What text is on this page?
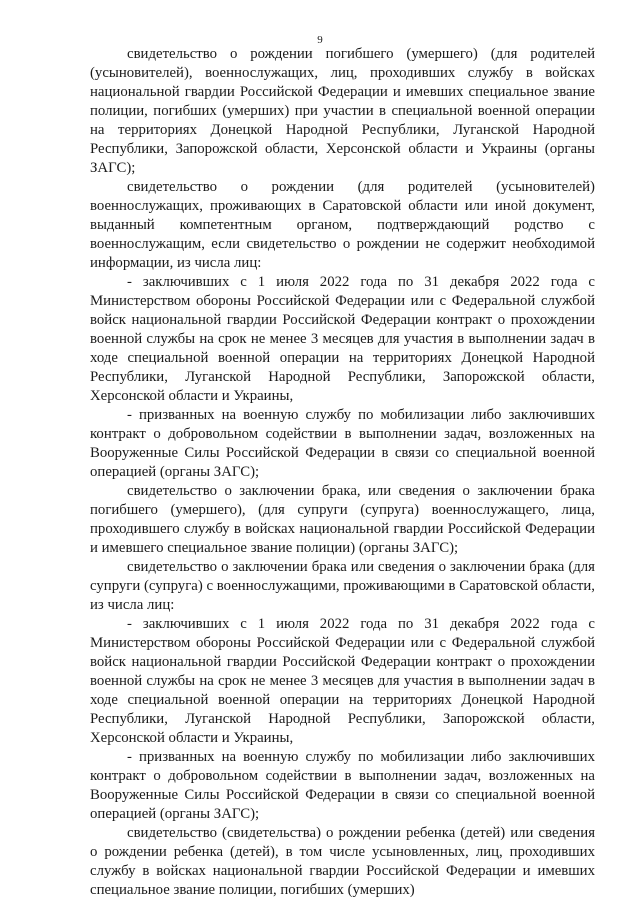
9

свидетельство о рождении погибшего (умершего) (для родителей (усыновителей), военнослужащих, лиц, проходивших службу в войсках национальной гвардии Российской Федерации и имевших специальное звание полиции, погибших (умерших) при участии в специальной военной операции на территориях Донецкой Народной Республики, Луганской Народной Республики, Запорожской области, Херсонской области и Украины (органы ЗАГС);

свидетельство о рождении (для родителей (усыновителей) военнослужащих, проживающих в Саратовской области или иной документ, выданный компетентным органом, подтверждающий родство с военнослужащим, если свидетельство о рождении не содержит необходимой информации, из числа лиц:

- заключивших с 1 июля 2022 года по 31 декабря 2022 года с Министерством обороны Российской Федерации или с Федеральной службой войск национальной гвардии Российской Федерации контракт о прохождении военной службы на срок не менее 3 месяцев для участия в выполнении задач в ходе специальной военной операции на территориях Донецкой Народной Республики, Луганской Народной Республики, Запорожской области, Херсонской области и Украины,

- призванных на военную службу по мобилизации либо заключивших контракт о добровольном содействии в выполнении задач, возложенных на Вооруженные Силы Российской Федерации в связи со специальной военной операцией (органы ЗАГС);

свидетельство о заключении брака, или сведения о заключении брака погибшего (умершего), (для супруги (супруга) военнослужащего, лица, проходившего службу в войсках национальной гвардии Российской Федерации и имевшего специальное звание полиции) (органы ЗАГС);

свидетельство о заключении брака или сведения о заключении брака (для супруги (супруга) с военнослужащими, проживающими в Саратовской области, из числа лиц:

- заключивших с 1 июля 2022 года по 31 декабря 2022 года с Министерством обороны Российской Федерации или с Федеральной службой войск национальной гвардии Российской Федерации контракт о прохождении военной службы на срок не менее 3 месяцев для участия в выполнении задач в ходе специальной военной операции на территориях Донецкой Народной Республики, Луганской Народной Республики, Запорожской области, Херсонской области и Украины,

- призванных на военную службу по мобилизации либо заключивших контракт о добровольном содействии в выполнении задач, возложенных на Вооруженные Силы Российской Федерации в связи со специальной военной операцией (органы ЗАГС);

свидетельство (свидетельства) о рождении ребенка (детей) или сведения о рождении ребенка (детей), в том числе усыновленных, лиц, проходивших службу в войсках национальной гвардии Российской Федерации и имевших специальное звание полиции, погибших (умерших)
